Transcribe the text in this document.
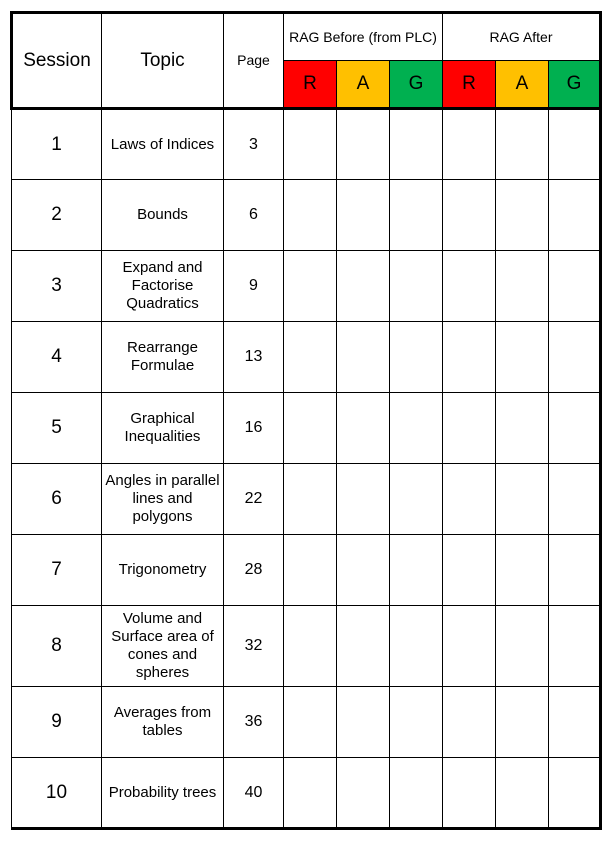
Session	Topic	Page	RAG Before (from PLC)			RAG After		
			R	A	G	R	A	G
1	Laws of Indices	3						
2	Bounds	6						
3	Expand and Factorise Quadratics	9						
4	Rearrange Formulae	13						
5	Graphical Inequalities	16						
6	Angles in parallel lines and polygons	22						
7	Trigonometry	28						
8	Volume and Surface area of cones and spheres	32						
9	Averages from tables	36						
10	Probability trees	40						
